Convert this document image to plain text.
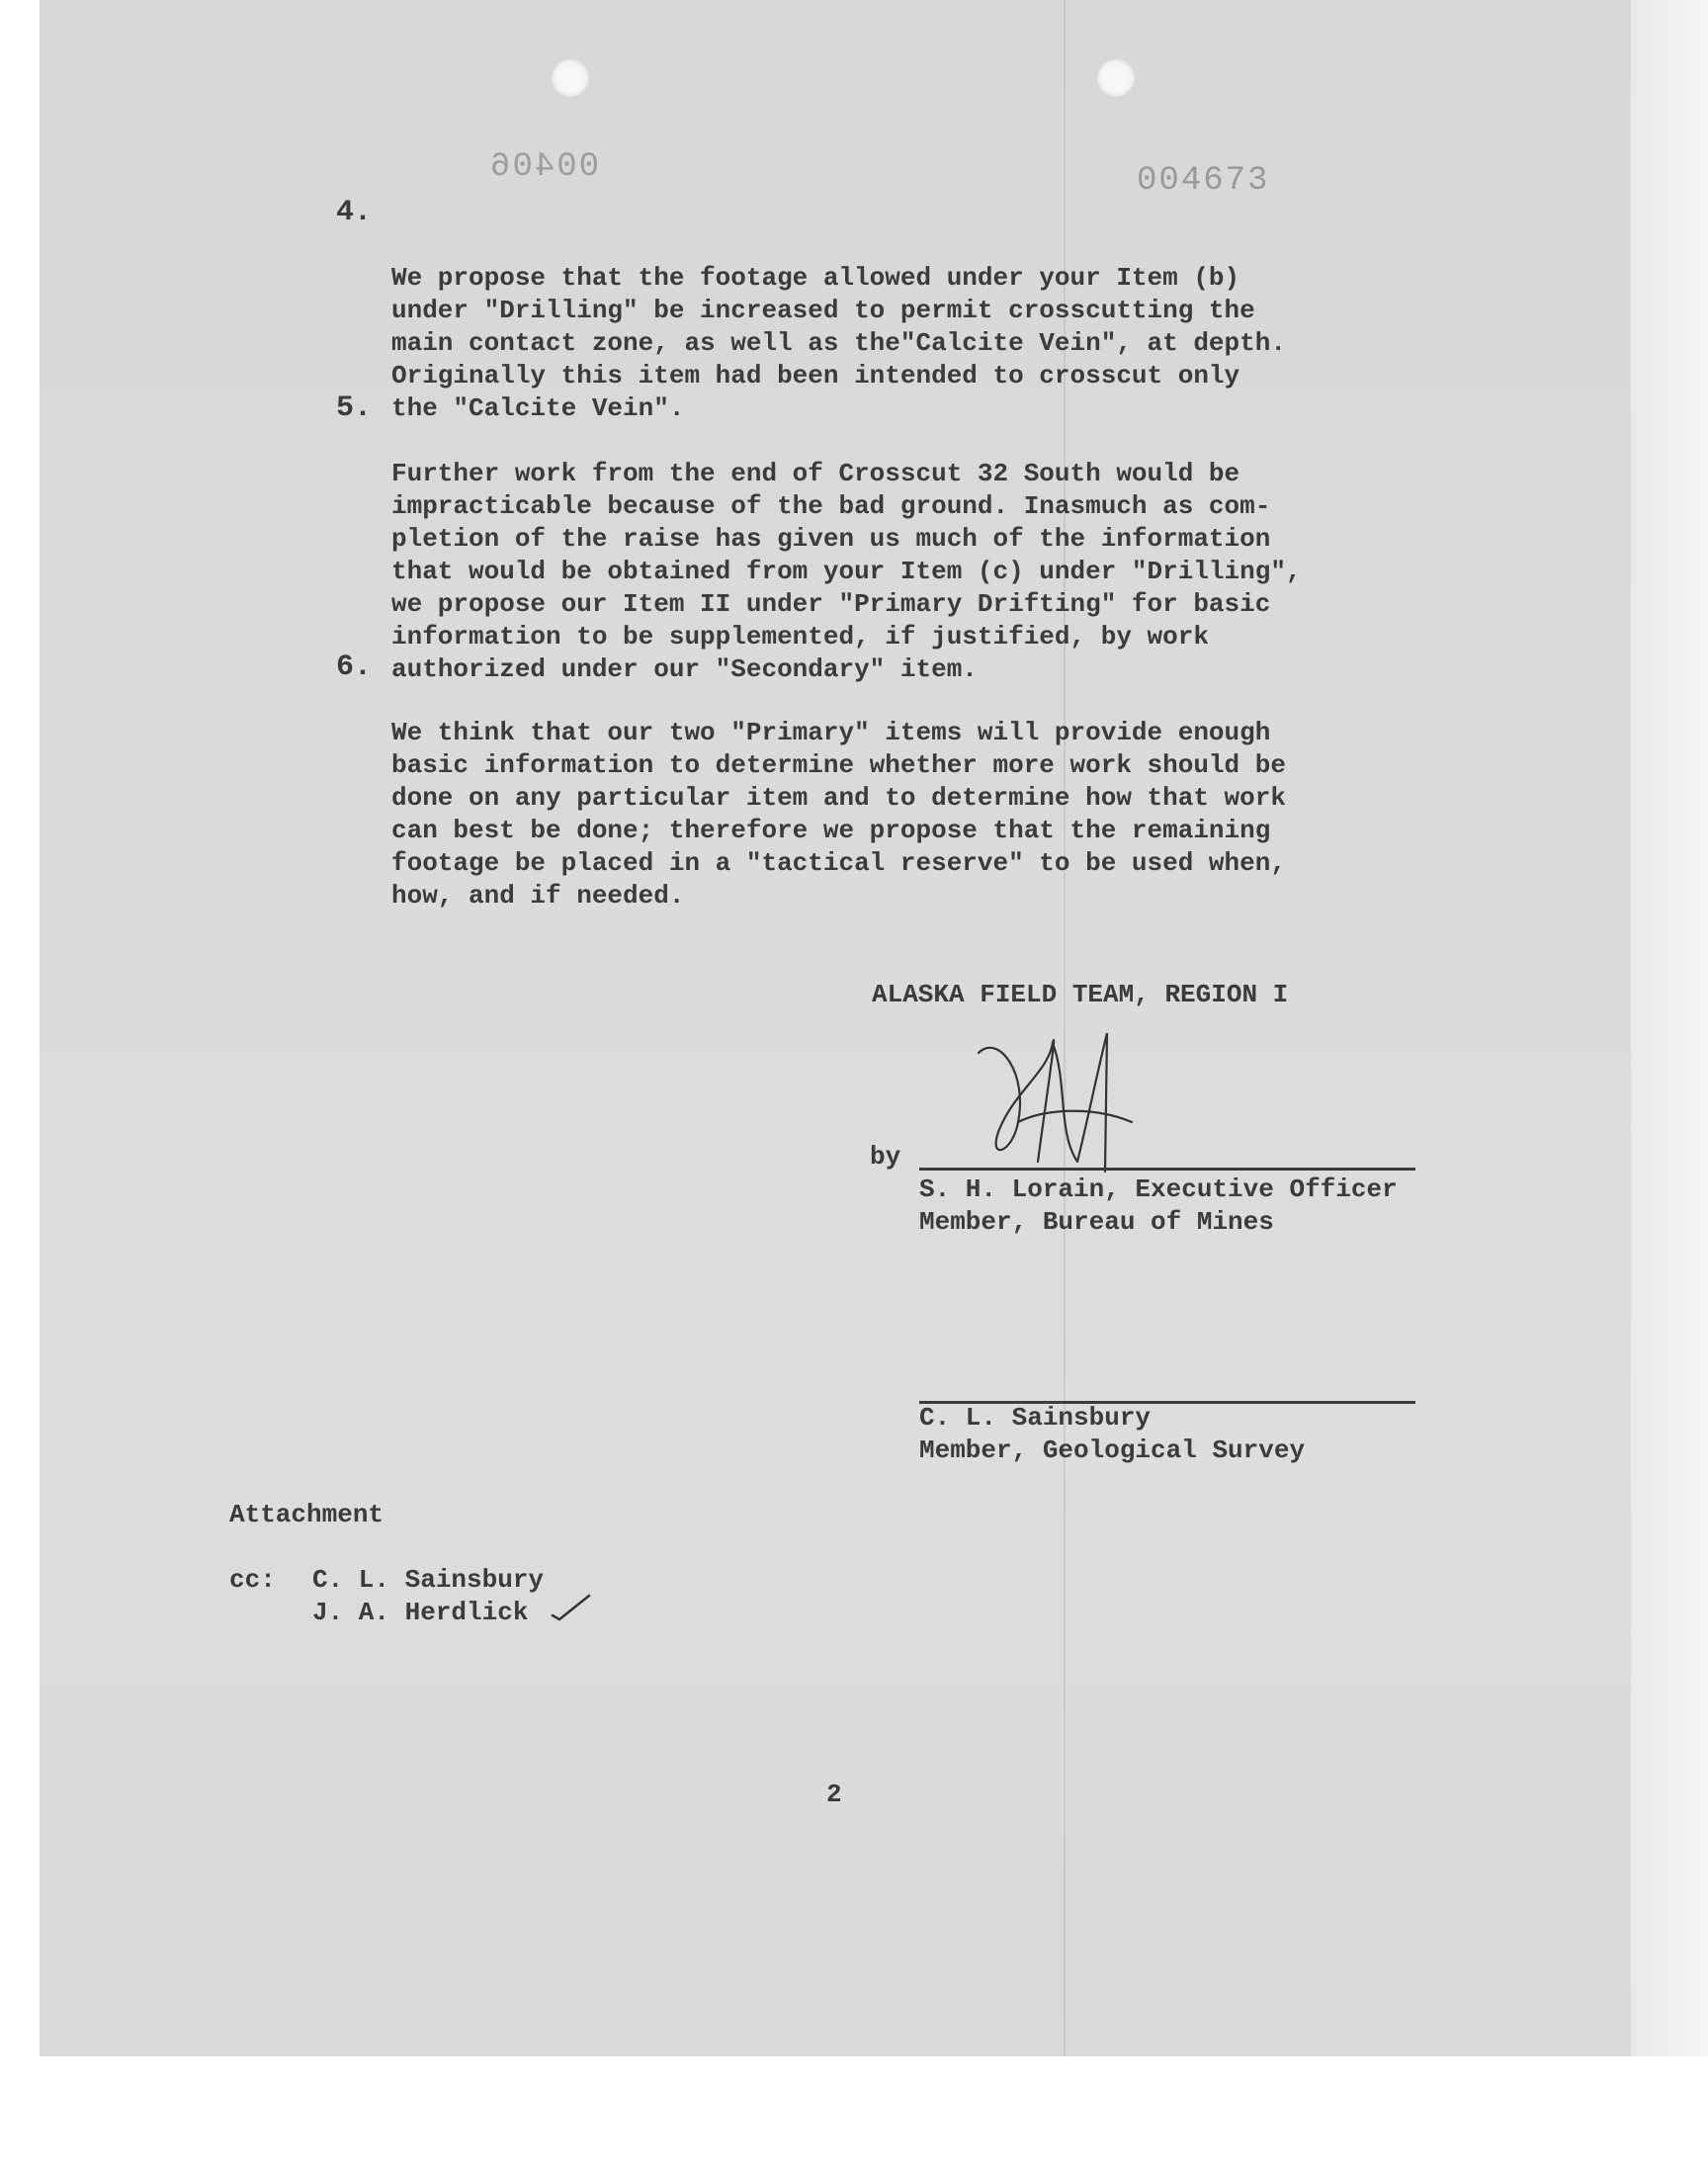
00406	004673

4.

We propose that the footage allowed under your Item (b)
under "Drilling" be increased to permit crosscutting the
main contact zone, as well as the"Calcite Vein", at depth.
Originally this item had been intended to crosscut only
the "Calcite Vein".

5.

Further work from the end of Crosscut 32 South would be
impracticable because of the bad ground. Inasmuch as com-
pletion of the raise has given us much of the information
that would be obtained from your Item (c) under "Drilling",
we propose our Item II under "Primary Drifting" for basic
information to be supplemented, if justified, by work
authorized under our "Secondary" item.

6.

We think that our two "Primary" items will provide enough
basic information to determine whether more work should be
done on any particular item and to determine how that work
can best be done; therefore we propose that the remaining
footage be placed in a "tactical reserve" to be used when,
how, and if needed.

ALASKA FIELD TEAM, REGION I
by
S. H. Lorain, Executive Officer
Member, Bureau of Mines
C. L. Sainsbury
Member, Geological Survey
Attachment
cc: C. L. Sainsbury
J. A. Herdlick
2
